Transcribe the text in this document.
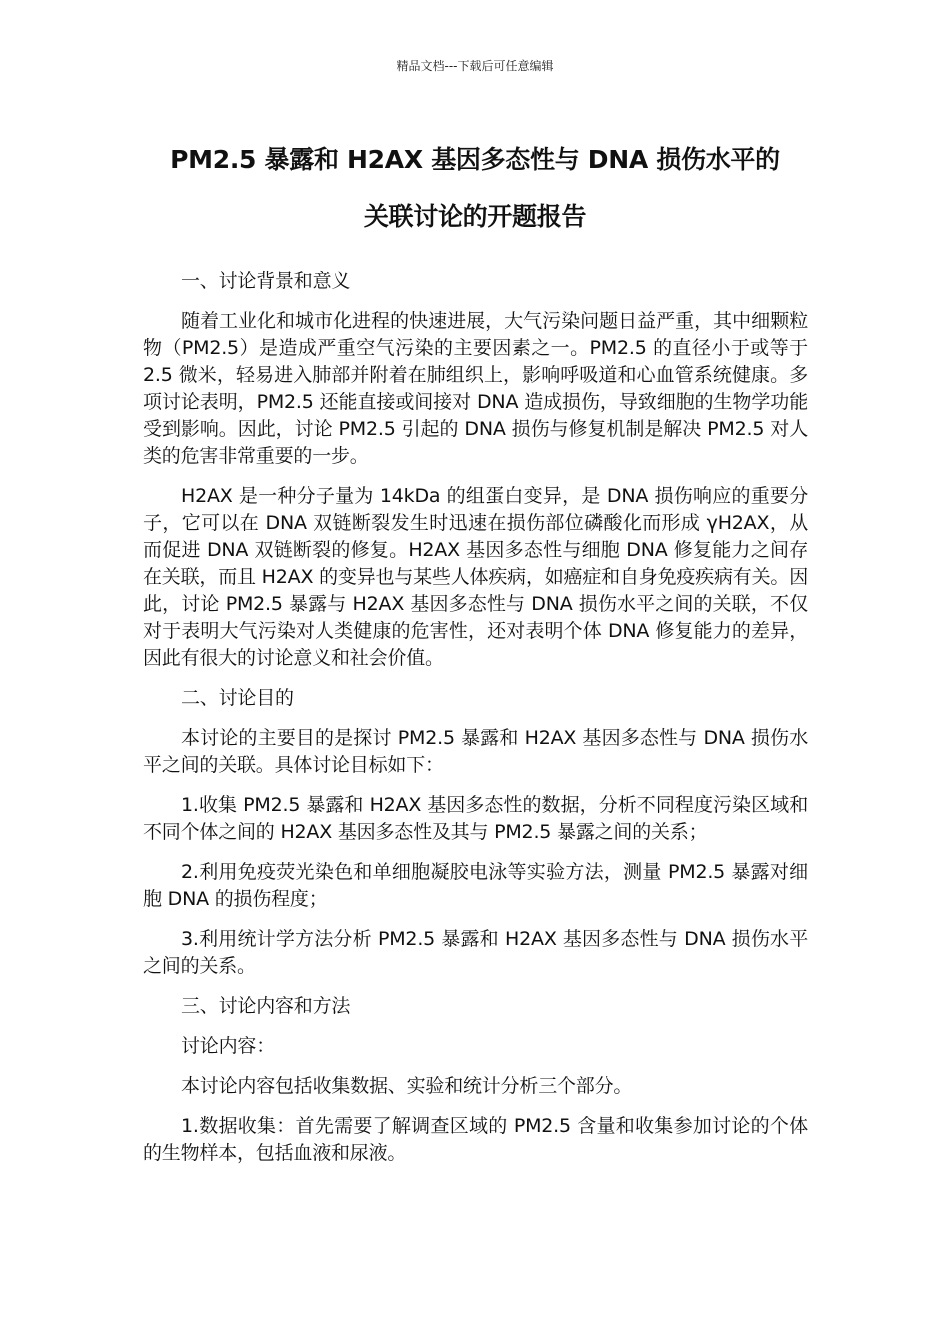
精品文档---下载后可任意编辑
PM2.5 暴露和 H2AX 基因多态性与 DNA 损伤水平的
关联讨论的开题报告

一、讨论背景和意义

随着工业化和城市化进程的快速进展，大气污染问题日益严重，其中细颗粒物（PM2.5）是造成严重空气污染的主要因素之一。PM2.5 的直径小于或等于 2.5 微米，轻易进入肺部并附着在肺组织上，影响呼吸道和心血管系统健康。多项讨论表明，PM2.5 还能直接或间接对 DNA 造成损伤，导致细胞的生物学功能受到影响。因此，讨论 PM2.5 引起的 DNA 损伤与修复机制是解决 PM2.5 对人类的危害非常重要的一步。

H2AX 是一种分子量为 14kDa 的组蛋白变异，是 DNA 损伤响应的重要分子，它可以在 DNA 双链断裂发生时迅速在损伤部位磷酸化而形成 γH2AX，从而促进 DNA 双链断裂的修复。H2AX 基因多态性与细胞 DNA 修复能力之间存在关联，而且 H2AX 的变异也与某些人体疾病，如癌症和自身免疫疾病有关。因此，讨论 PM2.5 暴露与 H2AX 基因多态性与 DNA 损伤水平之间的关联，不仅对于表明大气污染对人类健康的危害性，还对表明个体 DNA 修复能力的差异，因此有很大的讨论意义和社会价值。

二、讨论目的

本讨论的主要目的是探讨 PM2.5 暴露和 H2AX 基因多态性与 DNA 损伤水平之间的关联。具体讨论目标如下：

1.收集 PM2.5 暴露和 H2AX 基因多态性的数据，分析不同程度污染区域和不同个体之间的 H2AX 基因多态性及其与 PM2.5 暴露之间的关系；

2.利用免疫荧光染色和单细胞凝胶电泳等实验方法，测量 PM2.5 暴露对细胞 DNA 的损伤程度；

3.利用统计学方法分析 PM2.5 暴露和 H2AX 基因多态性与 DNA 损伤水平之间的关系。

三、讨论内容和方法

讨论内容：

本讨论内容包括收集数据、实验和统计分析三个部分。

1.数据收集：首先需要了解调查区域的 PM2.5 含量和收集参加讨论的个体的生物样本，包括血液和尿液。
